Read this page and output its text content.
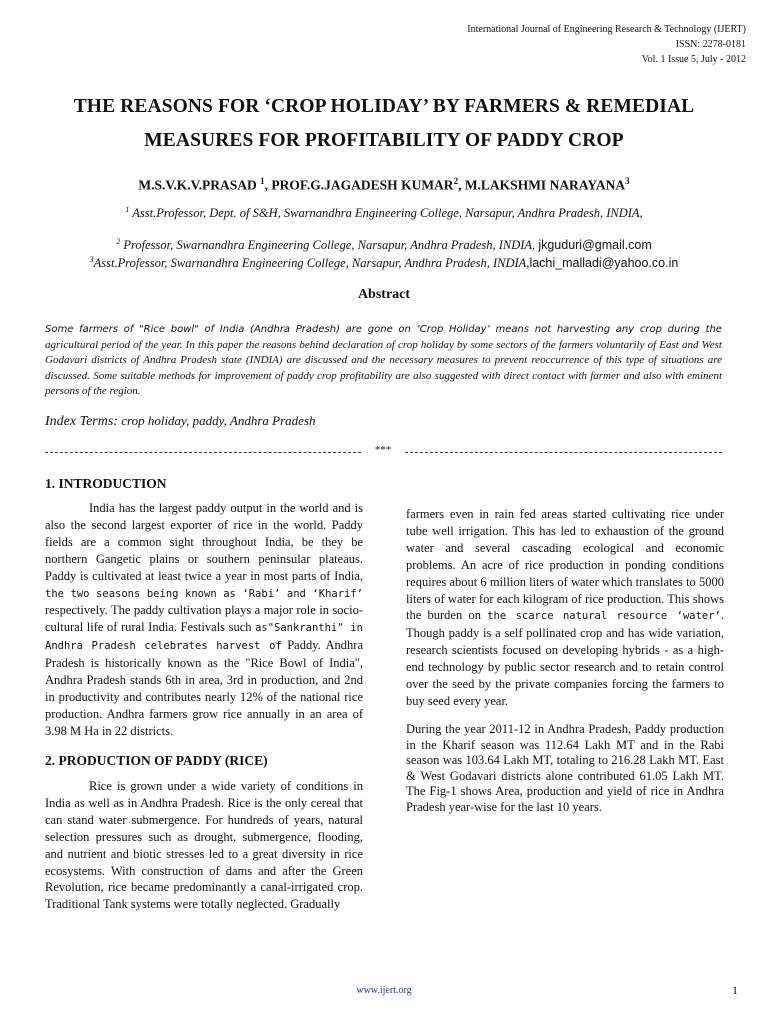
International Journal of Engineering Research & Technology (IJERT)
ISSN: 2278-0181
Vol. 1 Issue 5, July - 2012
THE REASONS FOR ‘CROP HOLIDAY’ BY FARMERS & REMEDIAL
MEASURES FOR PROFITABILITY OF PADDY CROP
M.S.V.K.V.PRASAD $^1$, PROF.G.JAGADESH KUMAR$^2$, M.LAKSHMI NARAYANA$^3$
$^1$ Asst.Professor, Dept. of S&H, Swarnandhra Engineering College, Narsapur, Andhra Pradesh, INDIA,
$^2$ Professor, Swarnandhra Engineering College, Narsapur, Andhra Pradesh, INDIA, jkguduri@gmail.com
$^3$Asst.Professor, Swarnandhra Engineering College, Narsapur, Andhra Pradesh, INDIA,lachi_malladi@yahoo.co.in
Abstract
Some farmers of "Rice bowl" of India (Andhra Pradesh) are gone on ‘Crop Holiday’ means not harvesting any crop during the agricultural period of the year. In this paper the reasons behind declaration of crop holiday by some sectors of the farmers voluntarily of East and West Godavari districts of Andhra Pradesh state (INDIA) are discussed and the necessary measures to prevent reoccurrence of this type of situations are discussed. Some suitable methods for improvement of paddy crop profitability are also suggested with direct contact with farmer and also with eminent persons of the region.
Index Terms: crop holiday, paddy, Andhra Pradesh
***
1. INTRODUCTION

India has the largest paddy output in the world and is also the second largest exporter of rice in the world. Paddy fields are a common sight throughout India, be they be northern Gangetic plains or southern peninsular plateaus. Paddy is cultivated at least twice a year in most parts of India, the two seasons being known as ‘Rabi’ and ‘Kharif’ respectively. The paddy cultivation plays a major role in socio-cultural life of rural India. Festivals such as"Sankranthi" in Andhra Pradesh celebrates harvest of Paddy. Andhra Pradesh is historically known as the "Rice Bowl of India", Andhra Pradesh stands 6th in area, 3rd in production, and 2nd in productivity and contributes nearly 12% of the national rice production. Andhra farmers grow rice annually in an area of 3.98 M Ha in 22 districts.

2. PRODUCTION OF PADDY (RICE)

Rice is grown under a wide variety of conditions in India as well as in Andhra Pradesh. Rice is the only cereal that can stand water submergence. For hundreds of years, natural selection pressures such as drought, submergence, flooding, and nutrient and biotic stresses led to a great diversity in rice ecosystems. With construction of dams and after the Green Revolution, rice became predominantly a canal-irrigated crop. Traditional Tank systems were totally neglected. Gradually

farmers even in rain fed areas started cultivating rice under tube well irrigation. This has led to exhaustion of the ground water and several cascading ecological and economic problems. An acre of rice production in ponding conditions requires about 6 million liters of water which translates to 5000 liters of water for each kilogram of rice production. This shows the burden on the scarce natural resource ‘water’. Though paddy is a self pollinated crop and has wide variation, research scientists focused on developing hybrids - as a high-end technology by public sector research and to retain control over the seed by the private companies forcing the farmers to buy seed every year.

During the year 2011-12 in Andhra Pradesh, Paddy production in the Kharif season was 112.64 Lakh MT and in the Rabi season was 103.64 Lakh MT, totaling to 216.28 Lakh MT. East & West Godavari districts alone contributed 61.05 Lakh MT. The Fig-1 shows Area, production and yield of rice in Andhra Pradesh year-wise for the last 10 years.

www.ijert.org	1
